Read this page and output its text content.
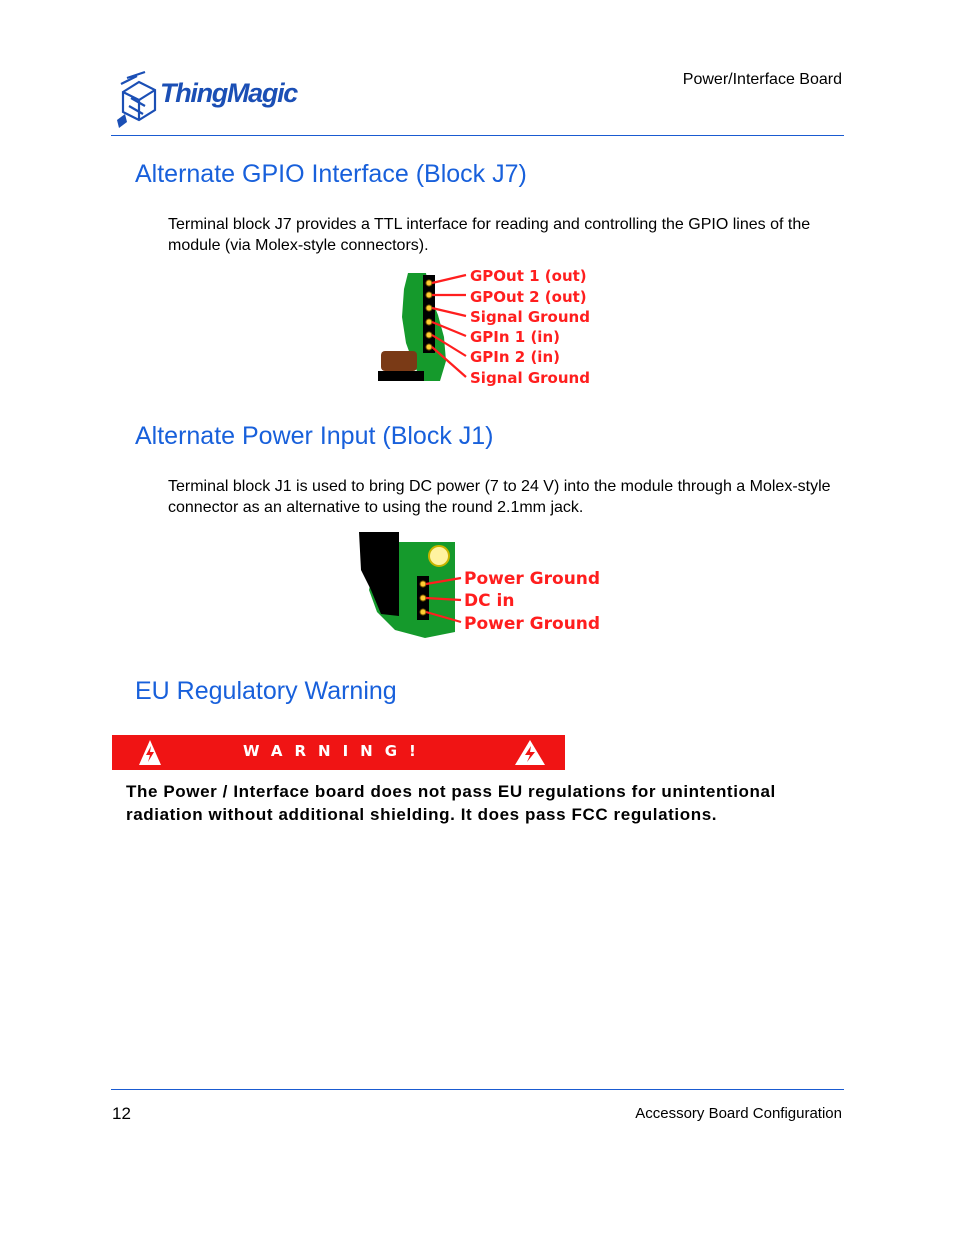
ThingMagic	Power/Interface Board
Alternate GPIO Interface (Block J7)

Terminal block J7 provides a TTL interface for reading and controlling the GPIO lines of the module (via Molex-style connectors).

GPOut 1 (out)
GPOut 2 (out)
Signal Ground
GPIn 1 (in)
GPIn 2 (in)
Signal Ground
Alternate Power Input (Block J1)

Terminal block J1 is used to bring DC power (7 to 24 V) into the module through a Molex-style connector as an alternative to using the round 2.1mm jack.

Power Ground
DC in
Power Ground
EU Regulatory Warning
WARNING!
The Power / Interface board does not pass EU regulations for unintentional radiation without additional shielding. It does pass FCC regulations.
12	Accessory Board Configuration
